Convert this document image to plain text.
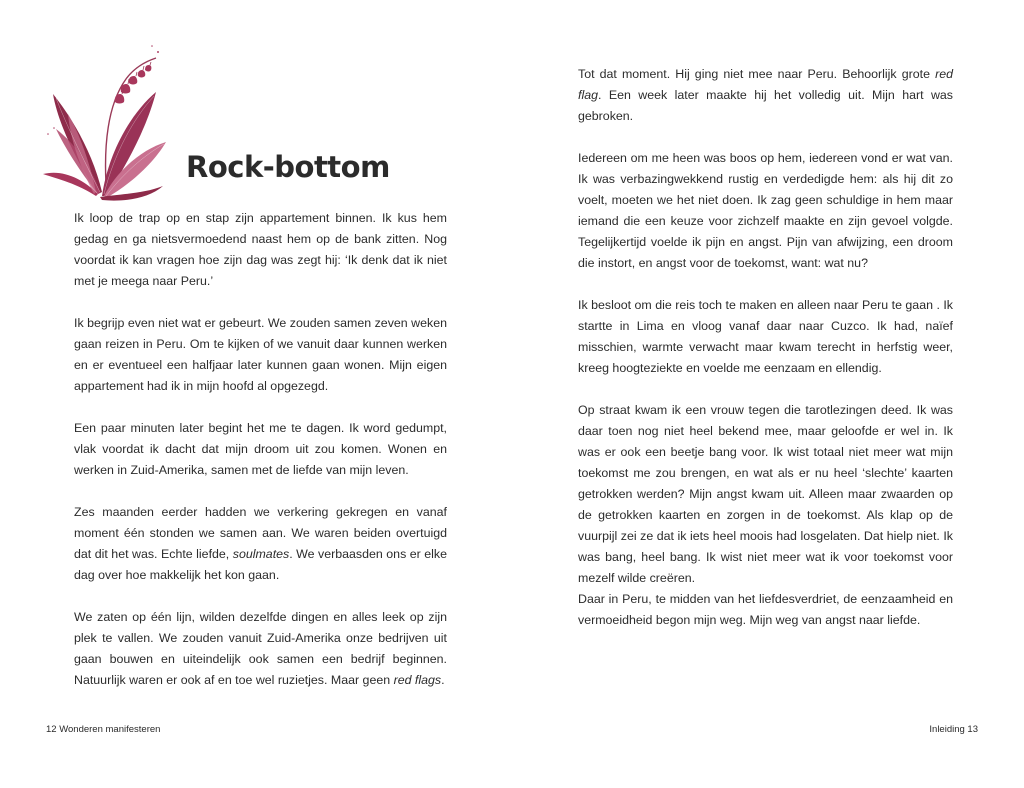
Rock-bottom

Ik loop de trap op en stap zijn appartement binnen. Ik kus hem gedag en ga nietsvermoedend naast hem op de bank zitten. Nog voordat ik kan vragen hoe zijn dag was zegt hij: ‘Ik denk dat ik niet met je meega naar Peru.’

Ik begrijp even niet wat er gebeurt. We zouden samen zeven weken gaan reizen in Peru. Om te kijken of we vanuit daar kunnen werken en er eventueel een halfjaar later kunnen gaan wonen. Mijn eigen appartement had ik in mijn hoofd al opgezegd.

Een paar minuten later begint het me te dagen. Ik word gedumpt, vlak voordat ik dacht dat mijn droom uit zou komen. Wonen en werken in Zuid-Amerika, samen met de liefde van mijn leven.

Zes maanden eerder hadden we verkering gekregen en vanaf moment één stonden we samen aan. We waren beiden overtuigd dat dit het was. Echte liefde, soulmates. We verbaasden ons er elke dag over hoe makkelijk het kon gaan.

We zaten op één lijn, wilden dezelfde dingen en alles leek op zijn plek te vallen. We zouden vanuit Zuid-Amerika onze bedrijven uit gaan bouwen en uiteindelijk ook samen een bedrijf beginnen. Natuurlijk waren er ook af en toe wel ruzietjes. Maar geen red flags.

12 Wonderen manifesteren

Tot dat moment. Hij ging niet mee naar Peru. Behoorlijk grote red flag. Een week later maakte hij het volledig uit. Mijn hart was gebroken.

Iedereen om me heen was boos op hem, iedereen vond er wat van. Ik was verbazingwekkend rustig en verdedigde hem: als hij dit zo voelt, moeten we het niet doen. Ik zag geen schuldige in hem maar iemand die een keuze voor zichzelf maakte en zijn gevoel volgde. Tegelijkertijd voelde ik pijn en angst. Pijn van afwijzing, een droom die instort, en angst voor de toekomst, want: wat nu?

Ik besloot om die reis toch te maken en alleen naar Peru te gaan . Ik startte in Lima en vloog vanaf daar naar Cuzco. Ik had, naïef misschien, warmte verwacht maar kwam terecht in herfstig weer, kreeg hoogteziekte en voelde me eenzaam en ellendig.

Op straat kwam ik een vrouw tegen die tarotlezingen deed. Ik was daar toen nog niet heel bekend mee, maar geloofde er wel in. Ik was er ook een beetje bang voor. Ik wist totaal niet meer wat mijn toekomst me zou brengen, en wat als er nu heel ‘slechte’ kaarten getrokken werden? Mijn angst kwam uit. Alleen maar zwaarden op de getrokken kaarten en zorgen in de toekomst. Als klap op de vuurpijl zei ze dat ik iets heel moois had losgelaten. Dat hielp niet. Ik was bang, heel bang. Ik wist niet meer wat ik voor toekomst voor mezelf wilde creëren.

Daar in Peru, te midden van het liefdesverdriet, de eenzaamheid en vermoeidheid begon mijn weg. Mijn weg van angst naar liefde.

Inleiding 13
